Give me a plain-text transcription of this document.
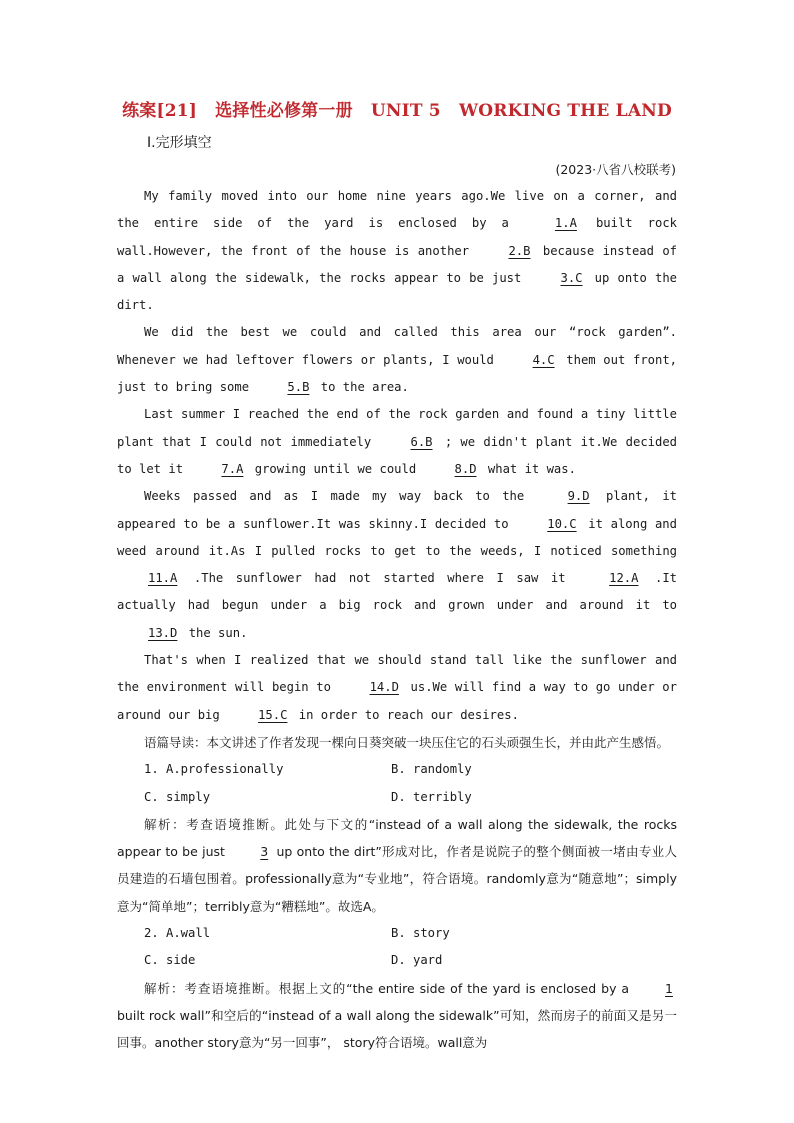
练案[21] 选择性必修第一册 UNIT 5 WORKING THE LAND
Ⅰ.完形填空
(2023·八省八校联考)

My family moved into our home nine years ago.We live on a corner, and the entire side of the yard is enclosed by a	1.A built rock wall.However, the front of the house is another	2.B because instead of a wall along the sidewalk, the rocks appear to be just	3.C up onto the dirt.

We did the best we could and called this area our “rock garden”. Whenever we had leftover flowers or plants, I would	4.C them out front, just to bring some	5.B to the area.

Last summer I reached the end of the rock garden and found a tiny little plant that I could not immediately	6.B ; we didn't plant it.We decided to let it	7.A growing until we could	8.D what it was.

Weeks passed and as I made my way back to the	9.D plant, it appeared to be a sunflower.It was skinny.I decided to	10.C it along and weed around it.As I pulled rocks to get to the weeds, I noticed something 11.A .The sunflower had not started where I saw it	12.A .It actually had begun under a big rock and grown under and around it to 13.D the sun.

That's when I realized that we should stand tall like the sunflower and the environment will begin to	14.D us.We will find a way to go under or around our big	15.C in order to reach our desires.

语篇导读：本文讲述了作者发现一棵向日葵突破一块压住它的石头顽强生长，并由此产生感悟。

1. A.professionally	B. randomly
C. simply	D. terribly

解析：考查语境推断。此处与下文的“instead of a wall along the sidewalk, the rocks appear to be just	3 up onto the dirt”形成对比，作者是说院子的整个侧面被一堵由专业人员建造的石墙包围着。professionally意为“专业地”，符合语境。randomly意为“随意地”；simply意为“简单地”；terribly意为“糟糕地”。故选A。

2. A.wall	B. story
C. side	D. yard

解析：考查语境推断。根据上文的“the entire side of the yard is enclosed by a	1 built rock wall”和空后的“instead of a wall along the sidewalk”可知，然而房子的前面又是另一回事。another story意为“另一回事”， story符合语境。wall意为
